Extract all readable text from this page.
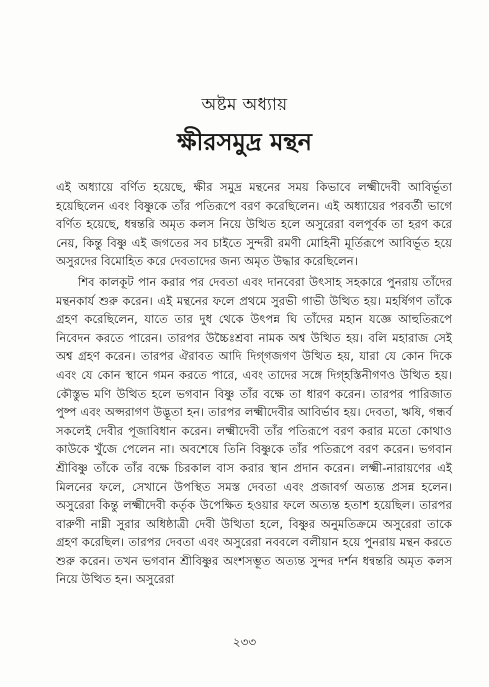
অষ্টম অধ্যায়
ক্ষীরসমুদ্র মন্থন

এই অধ্যায়ে বর্ণিত হয়েছে, ক্ষীর সমুদ্র মন্থনের সময় কিভাবে লক্ষ্মীদেবী আবির্ভূতা হয়েছিলেন এবং বিষ্ণুকে তাঁর পতিরূপে বরণ করেছিলেন। এই অধ্যায়ের পরবর্তী ভাগে বর্ণিত হয়েছে, ধন্বন্তরি অমৃত কলস নিয়ে উত্থিত হলে অসুরেরা বলপূর্বক তা হরণ করে নেয়, কিন্তু বিষ্ণু এই জগতের সব চাইতে সুন্দরী রমণী মোহিনী মূর্তিরূপে আবির্ভূত হয়ে অসুরদের বিমোহিত করে দেবতাদের জন্য অমৃত উদ্ধার করেছিলেন।

শিব কালকূট পান করার পর দেবতা এবং দানবেরা উৎসাহ সহকারে পুনরায় তাঁদের মন্থনকার্য শুরু করেন। এই মন্থনের ফলে প্রথমে সুরভী গাভী উত্থিত হয়। মহর্ষিগণ তাঁকে গ্রহণ করেছিলেন, যাতে তার দুধ থেকে উৎপন্ন ঘি তাঁদের মহান যজ্ঞে আহুতিরূপে নিবেদন করতে পারেন। তারপর উচ্চৈঃশ্রবা নামক অশ্ব উত্থিত হয়। বলি মহারাজ সেই অশ্ব গ্রহণ করেন। তারপর ঐরাবত আদি দিগ্‌গজগণ উত্থিত হয়, যারা যে কোন দিকে এবং যে কোন স্থানে গমন করতে পারে, এবং তাদের সঙ্গে দিগ্‌হস্তিনীগণও উত্থিত হয়। কৌস্তুভ মণি উত্থিত হলে ভগবান বিষ্ণু তাঁর বক্ষে তা ধারণ করেন। তারপর পারিজাত পুষ্প এবং অপ্সরাগণ উদ্ভূতা হন। তারপর লক্ষ্মীদেবীর আবির্ভাব হয়। দেবতা, ঋষি, গন্ধর্ব সকলেই দেবীর পূজাবিধান করেন। লক্ষ্মীদেবী তাঁর পতিরূপে বরণ করার মতো কোথাও কাউকে খুঁজে পেলেন না। অবশেষে তিনি বিষ্ণুকে তাঁর পতিরূপে বরণ করেন। ভগবান শ্রীবিষ্ণু তাঁকে তাঁর বক্ষে চিরকাল বাস করার স্থান প্রদান করেন। লক্ষ্মী-নারায়ণের এই মিলনের ফলে, সেখানে উপস্থিত সমস্ত দেবতা এবং প্রজাবর্গ অত্যন্ত প্রসন্ন হলেন। অসুরেরা কিন্তু লক্ষ্মীদেবী কর্তৃক উপেক্ষিত হওয়ার ফলে অত্যন্ত হতাশ হয়েছিল। তারপর বারুণী নাম্নী সুরার অধিষ্ঠাত্রী দেবী উত্থিতা হলে, বিষ্ণুর অনুমতিক্রমে অসুরেরা তাকে গ্রহণ করেছিল। তারপর দেবতা এবং অসুরেরা নববলে বলীয়ান হয়ে পুনরায় মন্থন করতে শুরু করেন। তখন ভগবান শ্রীবিষ্ণুর অংশসম্ভূত অত্যন্ত সুন্দর দর্শন ধন্বন্তরি অমৃত কলস নিয়ে উত্থিত হন। অসুরেরা

২৩৩
